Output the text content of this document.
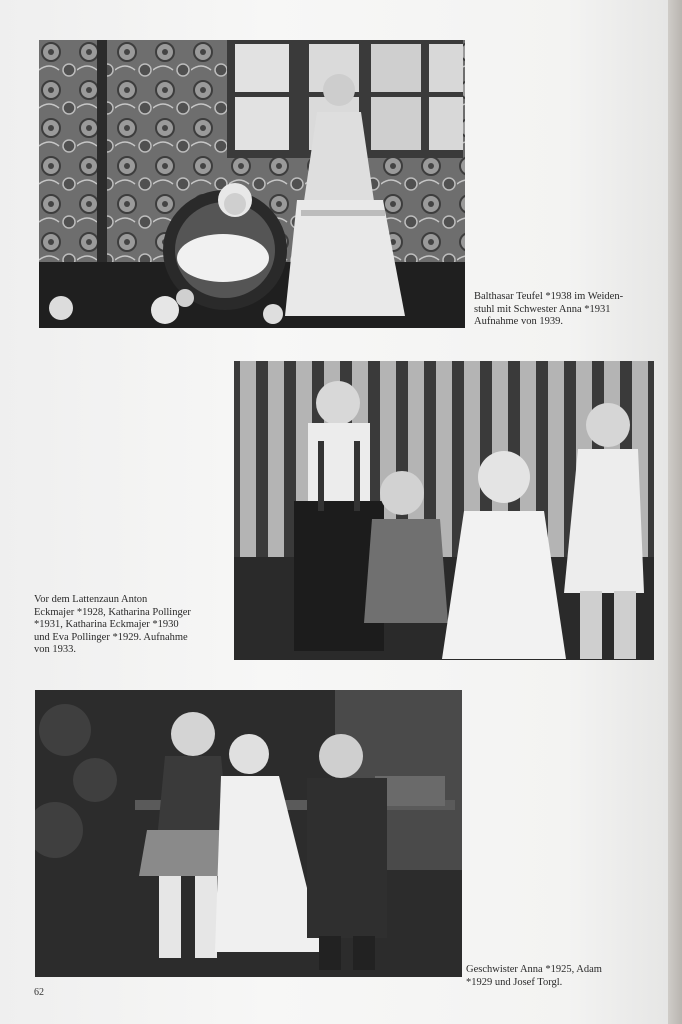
Balthasar Teufel *1938 im Weiden-
stuhl mit Schwester Anna *1931
Aufnahme von 1939.
Vor dem Lattenzaun Anton
Eckmajer *1928, Katharina Pollinger
*1931, Katharina Eckmajer *1930
und Eva Pollinger *1929. Aufnahme
von 1933.
Geschwister Anna *1925, Adam
*1929 und Josef Torgl.
62
